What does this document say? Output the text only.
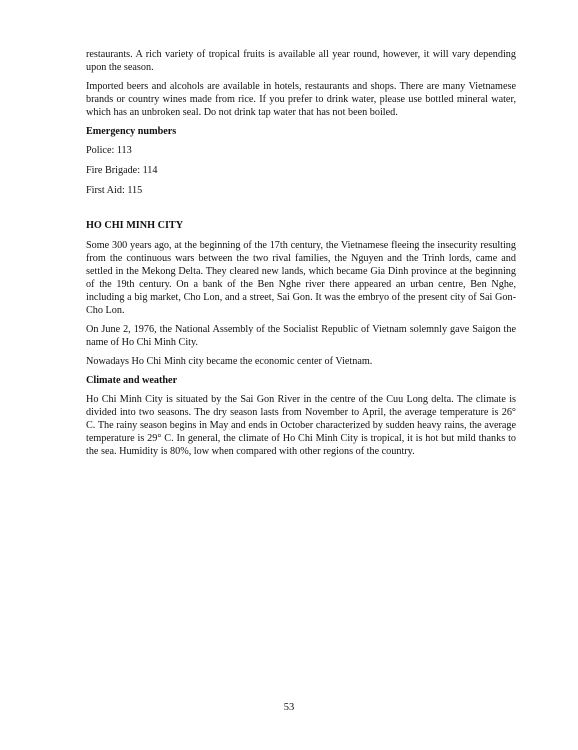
restaurants. A rich variety of tropical fruits is available all year round, however, it will vary depending upon the season.

Imported beers and alcohols are available in hotels, restaurants and shops. There are many Vietnamese brands or country wines made from rice. If you prefer to drink water, please use bottled mineral water, which has an unbroken seal. Do not drink tap water that has not been boiled.

Emergency numbers
Police: 113
Fire Brigade: 114
First Aid: 115
HO CHI MINH CITY

Some 300 years ago, at the beginning of the 17th century, the Vietnamese fleeing the insecurity resulting from the continuous wars between the two rival families, the Nguyen and the Trinh lords, came and settled in the Mekong Delta. They cleared new lands, which became Gia Dinh province at the beginning of the 19th century. On a bank of the Ben Nghe river there appeared an urban centre, Ben Nghe, including a big market, Cho Lon, and a street, Sai Gon. It was the embryo of the present city of Sai Gon-Cho Lon.

On June 2, 1976, the National Assembly of the Socialist Republic of Vietnam solemnly gave Saigon the name of Ho Chi Minh City.

Nowadays Ho Chi Minh city became the economic center of Vietnam.

Climate and weather

Ho Chi Minh City is situated by the Sai Gon River in the centre of the Cuu Long delta. The climate is divided into two seasons. The dry season lasts from November to April, the average temperature is 26° C. The rainy season begins in May and ends in October characterized by sudden heavy rains, the average temperature is 29° C. In general, the climate of Ho Chi Minh City is tropical, it is hot but mild thanks to the sea. Humidity is 80%, low when compared with other regions of the country.

53
